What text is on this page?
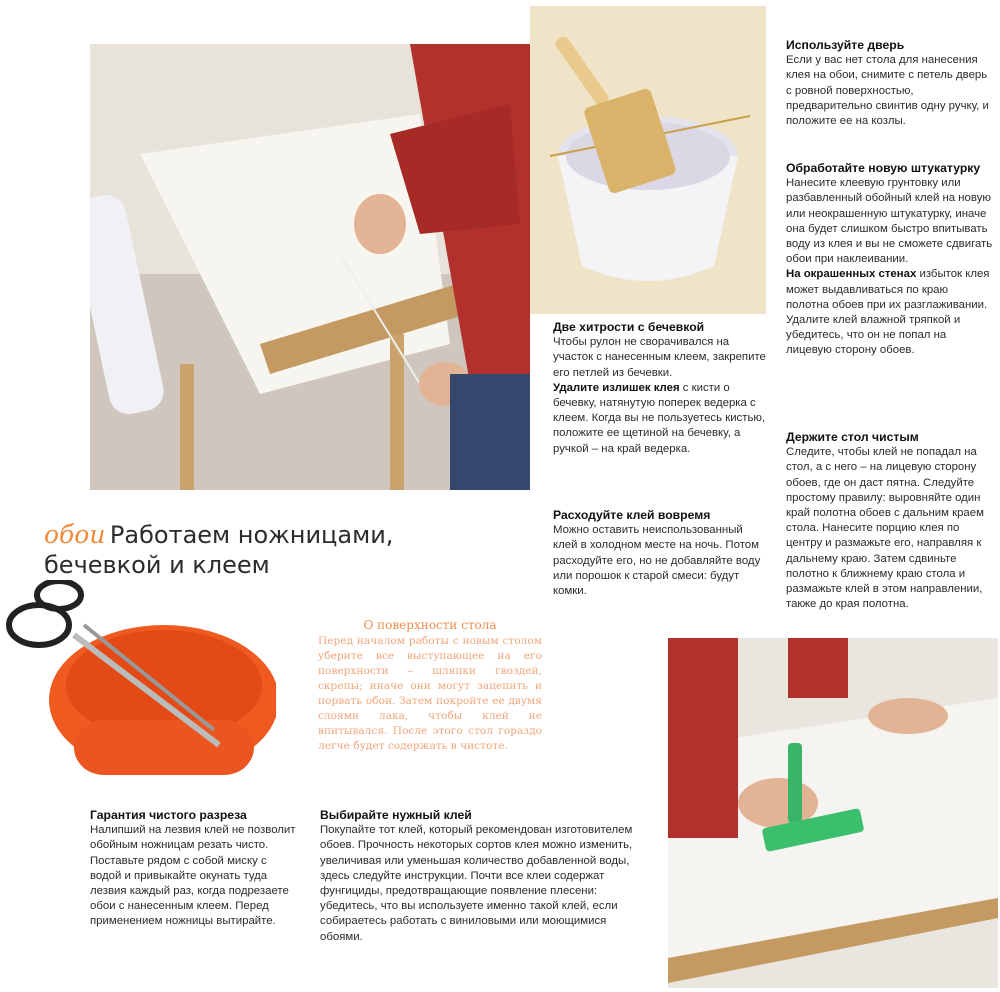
обои Работаем ножницами, бечевкой и клеем
О поверхности стола

Перед началом работы с новым столом уберите все выступающее на его поверхности – шляпки гвоздей, скрепы; иначе они могут зацепить и порвать обои. Затем покройте ее двумя слоями лака, чтобы клей не впитывался. После этого стол гораздо легче будет содержать в чистоте.

Используйте дверь

Если у вас нет стола для нанесения клея на обои, снимите с петель дверь с ровной поверхностью, предварительно свинтив одну ручку, и положите ее на козлы.

Обработайте новую штукатурку

Нанесите клеевую грунтовку или разбавленный обойный клей на новую или неокрашенную штукатурку, иначе она будет слишком быстро впитывать воду из клея и вы не сможете сдвигать обои при наклеивании.

На окрашенных стенах избыток клея может выдавливаться по краю полотна обоев при их разглаживании. Удалите клей влажной тряпкой и убедитесь, что он не попал на лицевую сторону обоев.

Две хитрости с бечевкой

Чтобы рулон не сворачивался на участок с нанесенным клеем, закрепите его петлей из бечевки.

Удалите излишек клея с кисти о бечевку, натянутую поперек ведерка с клеем. Когда вы не пользуетесь кистью, положите ее щетиной на бечевку, а ручкой – на край ведерка.

Держите стол чистым

Следите, чтобы клей не попадал на стол, а с него – на лицевую сторону обоев, где он даст пятна. Следуйте простому правилу: выровняйте один край полотна обоев с дальним краем стола. Нанесите порцию клея по центру и размажьте его, направляя к дальнему краю. Затем сдвиньте полотно к ближнему краю стола и размажьте клей в этом направлении, также до края полотна.

Расходуйте клей вовремя

Можно оставить неиспользованный клей в холодном месте на ночь. Потом расходуйте его, но не добавляйте воду или порошок к старой смеси: будут комки.

Гарантия чистого разреза

Налипший на лезвия клей не позволит обойным ножницам резать чисто. Поставьте рядом с собой миску с водой и привыкайте окунать туда лезвия каждый раз, когда подрезаете обои с нанесенным клеем. Перед применением ножницы вытирайте.

Выбирайте нужный клей

Покупайте тот клей, который рекомендован изготовителем обоев. Прочность некоторых сортов клея можно изменить, увеличивая или уменьшая количество добавленной воды, здесь следуйте инструкции. Почти все клеи содержат фунгициды, предотвращающие появление плесени: убедитесь, что вы используете именно такой клей, если собираетесь работать с виниловыми или моющимися обоями.
